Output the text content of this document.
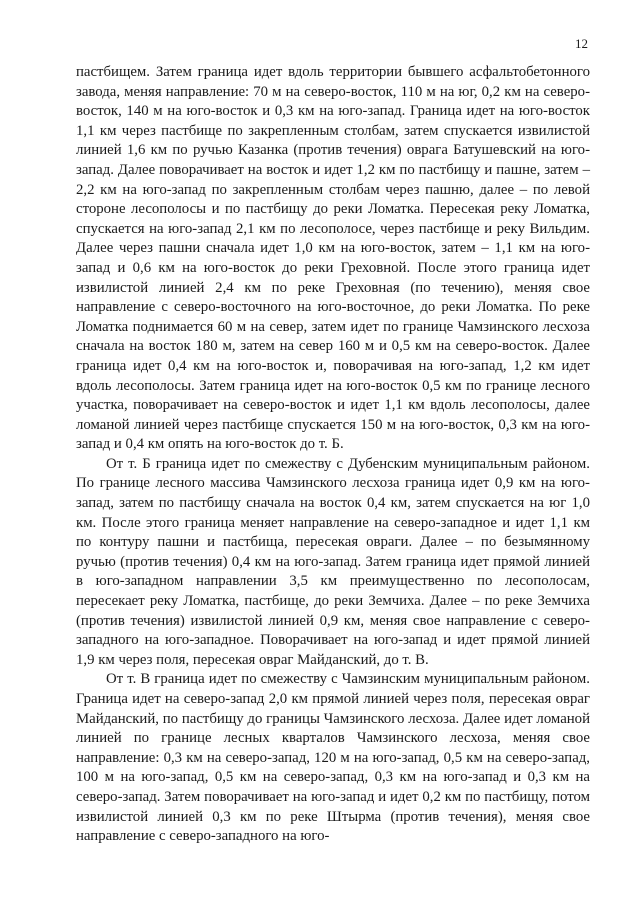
12

пастбищем. Затем граница идет вдоль территории бывшего асфальтобетонного завода, меняя направление: 70 м на северо-восток, 110 м на юг, 0,2 км на северо-восток, 140 м на юго-восток и 0,3 км на юго-запад. Граница идет на юго-восток 1,1 км через пастбище по закрепленным столбам, затем спускается извилистой линией 1,6 км по ручью Казанка (против течения) оврага Батушевский на юго-запад. Далее поворачивает на восток и идет 1,2 км по пастбищу и пашне, затем – 2,2 км на юго-запад по закрепленным столбам через пашню, далее – по левой стороне лесополосы и по пастбищу до реки Ломатка. Пересекая реку Ломатка, спускается на юго-запад 2,1 км по лесополосе, через пастбище и реку Вильдим. Далее через пашни сначала идет 1,0 км на юго-восток, затем – 1,1 км на юго-запад и 0,6 км на юго-восток до реки Греховной. После этого граница идет извилистой линией 2,4 км по реке Греховная (по течению), меняя свое направление с северо-восточного на юго-восточное, до реки Ломатка. По реке Ломатка поднимается 60 м на север, затем идет по границе Чамзинского лесхоза сначала на восток 180 м, затем на север 160 м и 0,5 км на северо-восток. Далее граница идет 0,4 км на юго-восток и, поворачивая на юго-запад, 1,2 км идет вдоль лесополосы. Затем граница идет на юго-восток 0,5 км по границе лесного участка, поворачивает на северо-восток и идет 1,1 км вдоль лесополосы, далее ломаной линией через пастбище спускается 150 м на юго-восток, 0,3 км на юго-запад и 0,4 км опять на юго-восток до т. Б.

От т. Б граница идет по смежеству с Дубенским муниципальным районом. По границе лесного массива Чамзинского лесхоза граница идет 0,9 км на юго-запад, затем по пастбищу сначала на восток 0,4 км, затем спускается на юг 1,0 км. После этого граница меняет направление на северо-западное и идет 1,1 км по контуру пашни и пастбища, пересекая овраги. Далее – по безымянному ручью (против течения) 0,4 км на юго-запад. Затем граница идет прямой линией в юго-западном направлении 3,5 км преимущественно по лесополосам, пересекает реку Ломатка, пастбище, до реки Земчиха. Далее – по реке Земчиха (против течения) извилистой линией 0,9 км, меняя свое направление с северо-западного на юго-западное. Поворачивает на юго-запад и идет прямой линией 1,9 км через поля, пересекая овраг Майданский, до т. В.

От т. В граница идет по смежеству с Чамзинским муниципальным районом. Граница идет на северо-запад 2,0 км прямой линией через поля, пересекая овраг Майданский, по пастбищу до границы Чамзинского лесхоза. Далее идет ломаной линией по границе лесных кварталов Чамзинского лесхоза, меняя свое направление: 0,3 км на северо-запад, 120 м на юго-запад, 0,5 км на северо-запад, 100 м на юго-запад, 0,5 км на северо-запад, 0,3 км на юго-запад и 0,3 км на северо-запад. Затем поворачивает на юго-запад и идет 0,2 км по пастбищу, потом извилистой линией 0,3 км по реке Штырма (против течения), меняя свое направление с северо-западного на юго-
